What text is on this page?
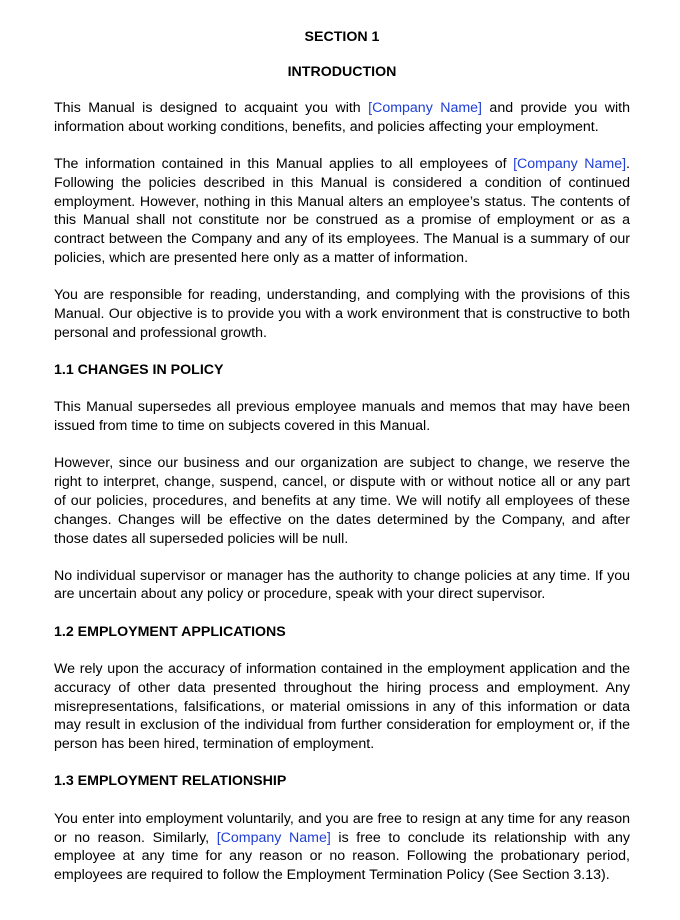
SECTION 1
INTRODUCTION

This Manual is designed to acquaint you with [Company Name] and provide you with information about working conditions, benefits, and policies affecting your employment.

The information contained in this Manual applies to all employees of [Company Name]. Following the policies described in this Manual is considered a condition of continued employment. However, nothing in this Manual alters an employee’s status. The contents of this Manual shall not constitute nor be construed as a promise of employment or as a contract between the Company and any of its employees. The Manual is a summary of our policies, which are presented here only as a matter of information.

You are responsible for reading, understanding, and complying with the provisions of this Manual. Our objective is to provide you with a work environment that is constructive to both personal and professional growth.

1.1 CHANGES IN POLICY

This Manual supersedes all previous employee manuals and memos that may have been issued from time to time on subjects covered in this Manual.

However, since our business and our organization are subject to change, we reserve the right to interpret, change, suspend, cancel, or dispute with or without notice all or any part of our policies, procedures, and benefits at any time. We will notify all employees of these changes. Changes will be effective on the dates determined by the Company, and after those dates all superseded policies will be null.

No individual supervisor or manager has the authority to change policies at any time. If you are uncertain about any policy or procedure, speak with your direct supervisor.

1.2 EMPLOYMENT APPLICATIONS

We rely upon the accuracy of information contained in the employment application and the accuracy of other data presented throughout the hiring process and employment. Any misrepresentations, falsifications, or material omissions in any of this information or data may result in exclusion of the individual from further consideration for employment or, if the person has been hired, termination of employment.

1.3 EMPLOYMENT RELATIONSHIP

You enter into employment voluntarily, and you are free to resign at any time for any reason or no reason. Similarly, [Company Name] is free to conclude its relationship with any employee at any time for any reason or no reason. Following the probationary period, employees are required to follow the Employment Termination Policy (See Section 3.13).
